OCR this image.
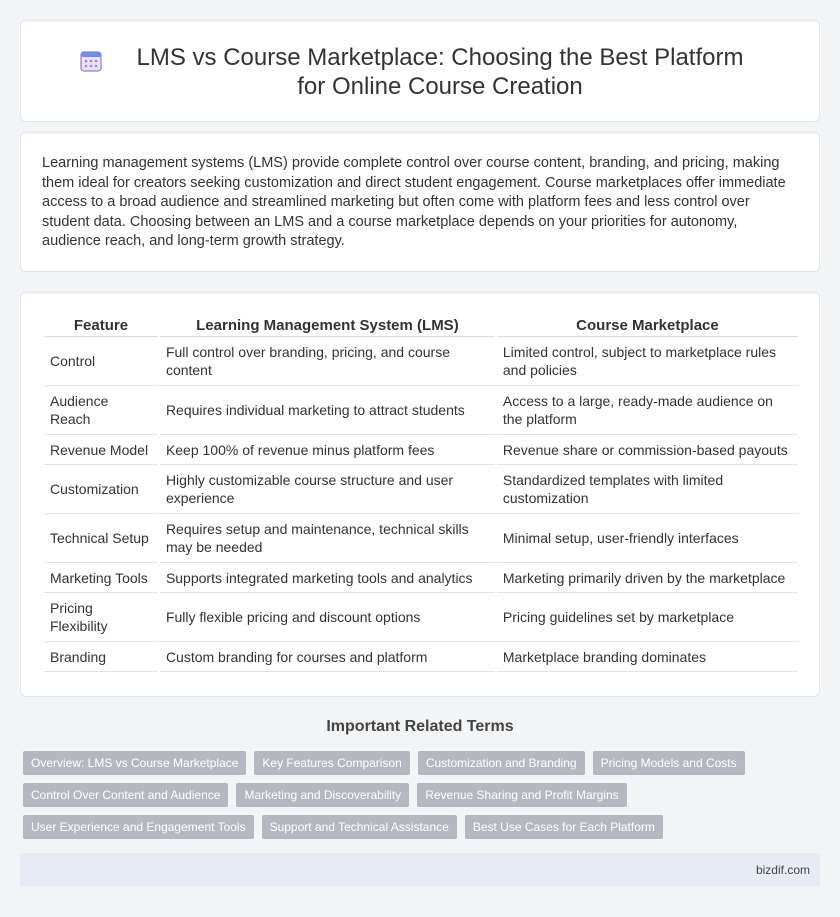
LMS vs Course Marketplace: Choosing the Best Platform for Online Course Creation

Learning management systems (LMS) provide complete control over course content, branding, and pricing, making them ideal for creators seeking customization and direct student engagement. Course marketplaces offer immediate access to a broad audience and streamlined marketing but often come with platform fees and less control over student data. Choosing between an LMS and a course marketplace depends on your priorities for autonomy, audience reach, and long-term growth strategy.

Feature	Learning Management System (LMS)	Course Marketplace
Control	Full control over branding, pricing, and course content	Limited control, subject to marketplace rules and policies
Audience Reach	Requires individual marketing to attract students	Access to a large, ready-made audience on the platform
Revenue Model	Keep 100% of revenue minus platform fees	Revenue share or commission-based payouts
Customization	Highly customizable course structure and user experience	Standardized templates with limited customization
Technical Setup	Requires setup and maintenance, technical skills may be needed	Minimal setup, user-friendly interfaces
Marketing Tools	Supports integrated marketing tools and analytics	Marketing primarily driven by the marketplace
Pricing Flexibility	Fully flexible pricing and discount options	Pricing guidelines set by marketplace
Branding	Custom branding for courses and platform	Marketplace branding dominates
Important Related Terms
Overview: LMS vs Course Marketplace	Key Features Comparison	Customization and Branding	Pricing Models and Costs
Control Over Content and Audience	Marketing and Discoverability	Revenue Sharing and Profit Margins
User Experience and Engagement Tools	Support and Technical Assistance	Best Use Cases for Each Platform
bizdif.com
